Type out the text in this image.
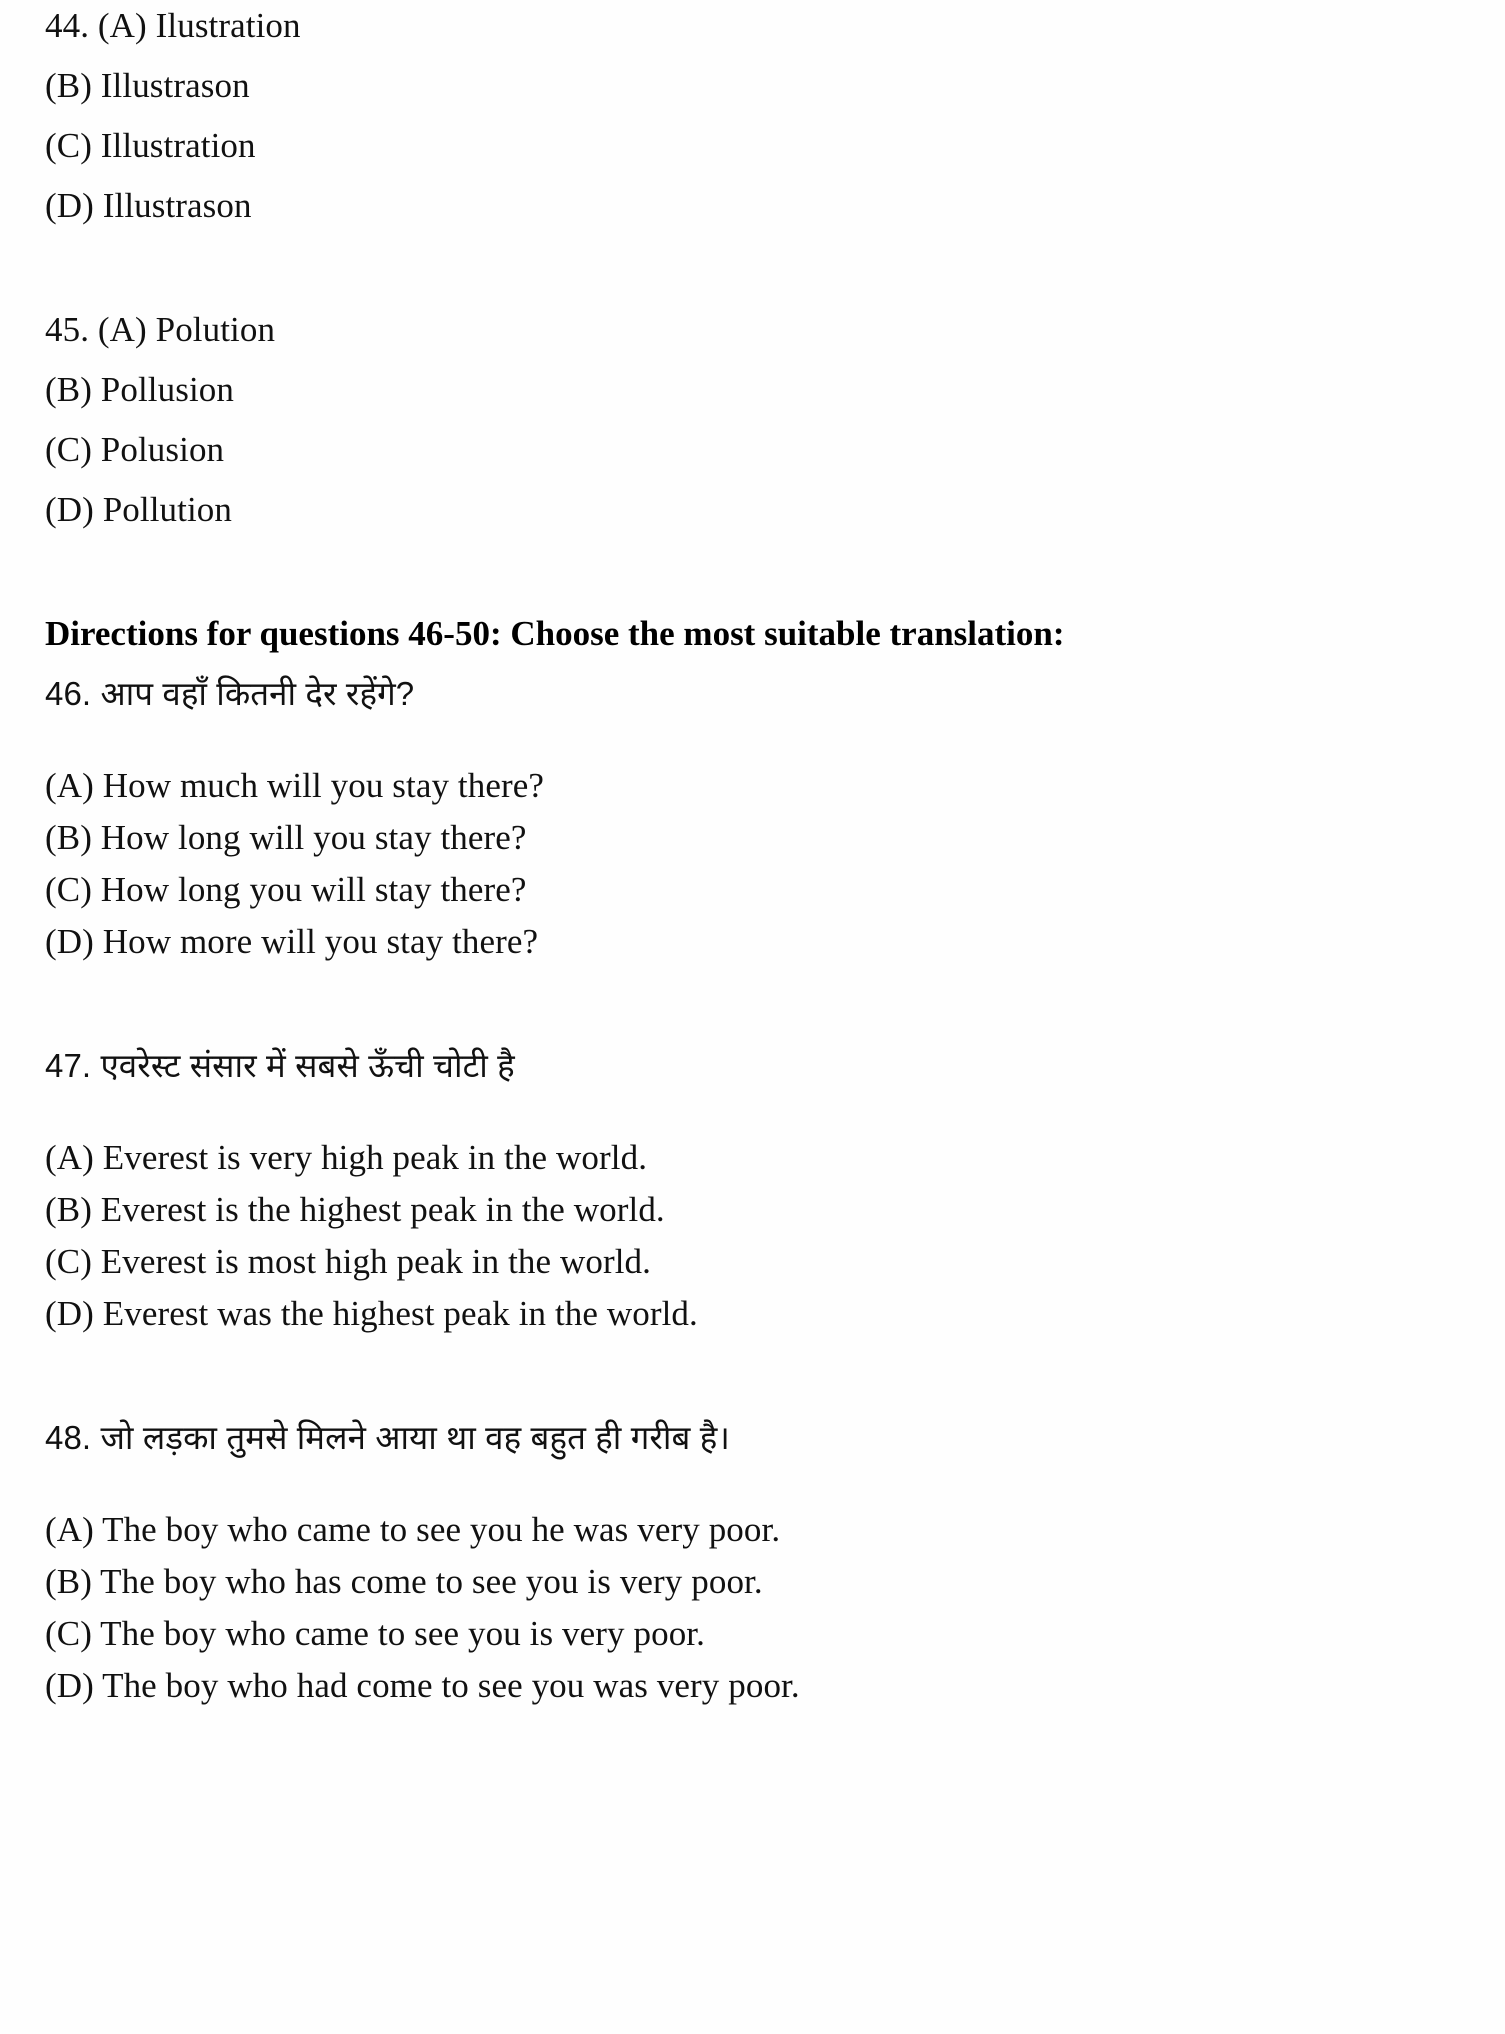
44. (A) Ilustration
(B) Illustrason
(C) Illustration
(D) Illustrason
45. (A) Polution
(B) Pollusion
(C) Polusion
(D) Pollution
Directions for questions 46-50: Choose the most suitable translation:
46. आप वहाँ कितनी देर रहेंगे?
(A) How much will you stay there?
(B) How long will you stay there?
(C) How long you will stay there?
(D) How more will you stay there?
47. एवरेस्ट संसार में सबसे ऊँची चोटी है
(A) Everest is very high peak in the world.
(B) Everest is the highest peak in the world.
(C) Everest is most high peak in the world.
(D) Everest was the highest peak in the world.
48. जो लड़का तुमसे मिलने आया था वह बहुत ही गरीब है।
(A) The boy who came to see you he was very poor.
(B) The boy who has come to see you is very poor.
(C) The boy who came to see you is very poor.
(D) The boy who had come to see you was very poor.
